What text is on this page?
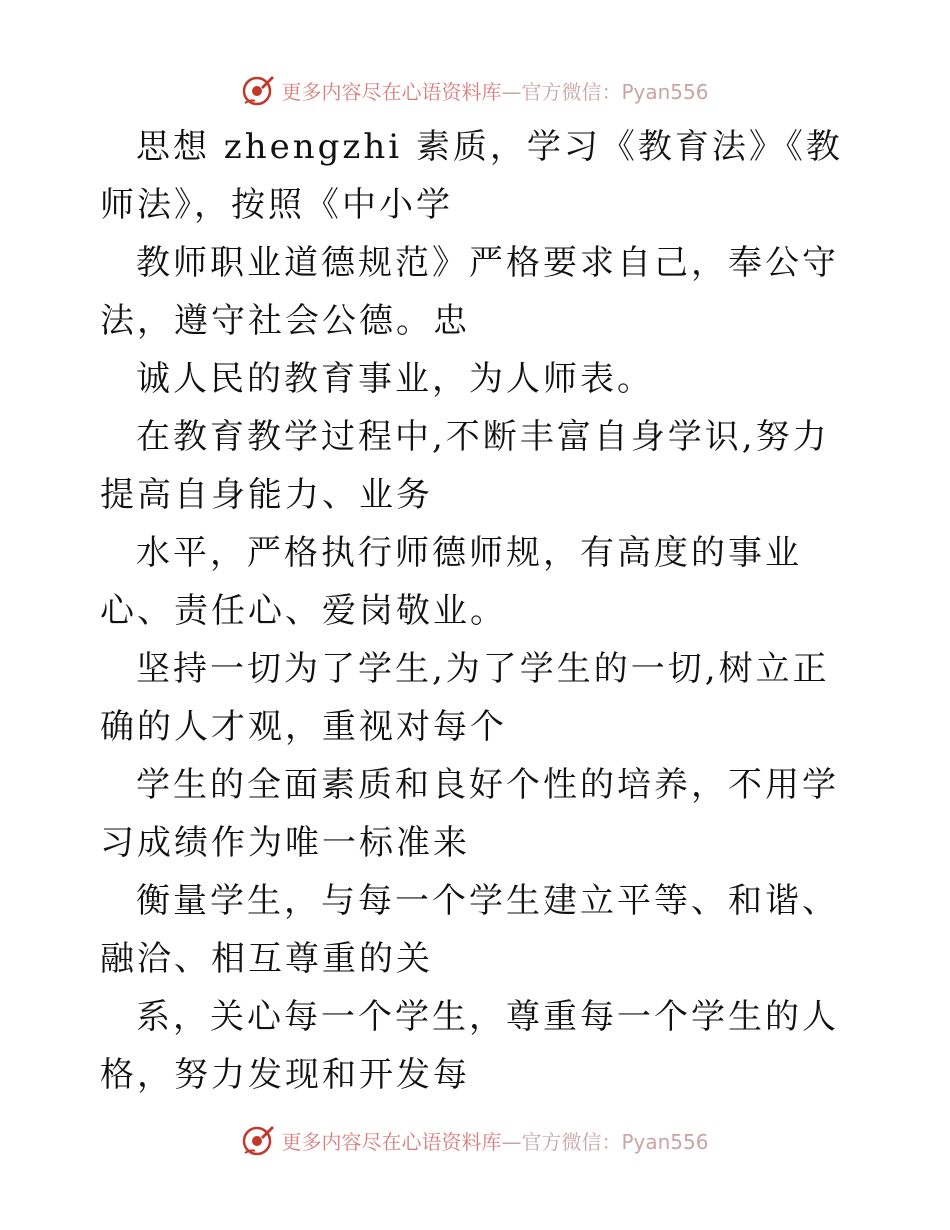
更多内容尽在心语资料库—官方微信：Pyan556

思想 zhengzhi 素质，学习《教育法》《教师法》，按照《中小学

教师职业道德规范》严格要求自己，奉公守法，遵守社会公德。忠

诚人民的教育事业，为人师表。

在教育教学过程中,不断丰富自身学识,努力提高自身能力、业务

水平，严格执行师德师规，有高度的事业心、责任心、爱岗敬业。

坚持一切为了学生,为了学生的一切,树立正确的人才观，重视对每个

学生的全面素质和良好个性的培养，不用学习成绩作为唯一标准来

衡量学生，与每一个学生建立平等、和谐、融洽、相互尊重的关

系，关心每一个学生，尊重每一个学生的人格，努力发现和开发每

更多内容尽在心语资料库—官方微信：Pyan556
